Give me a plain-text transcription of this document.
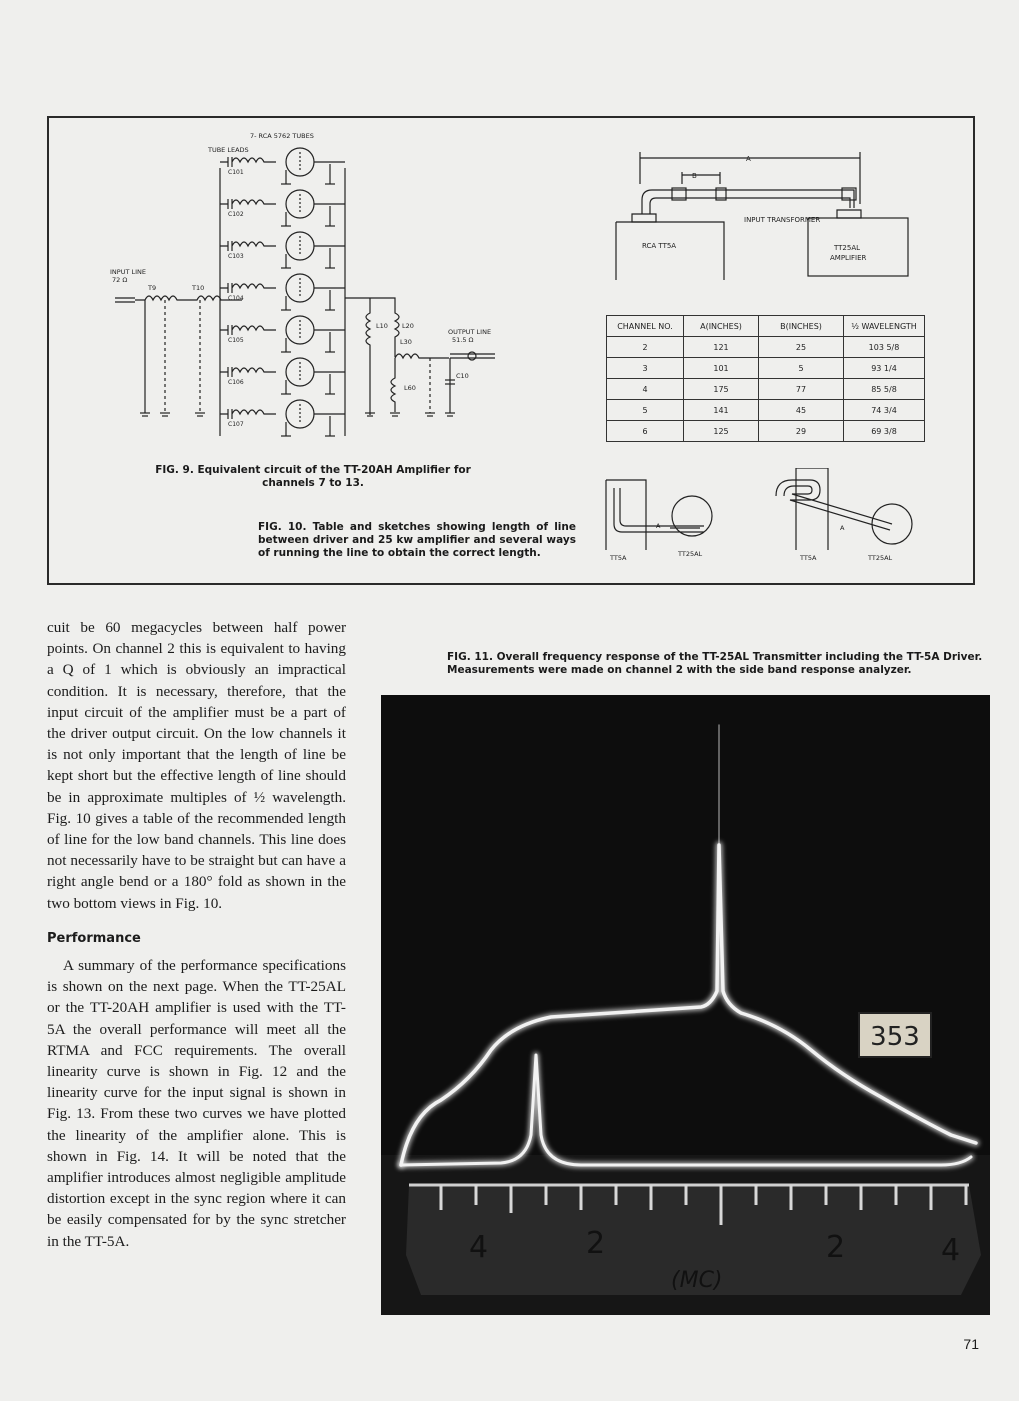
7- RCA 5762 TUBES
TUBE LEADS
INPUT LINE
72 Ω
T9	T10
L10 L20
L30
L60
C10
OUTPUT LINE
51.5 Ω
C101
C102
C103
C104
C105
C106
C107
FIG. 9. Equivalent circuit of the TT-20AH Amplifier for channels 7 to 13.
A
B
INPUT TRANSFORMER
RCA TT5A	TT25AL
AMPLIFIER
CHANNEL NO.	A(INCHES)	B(INCHES)	½ WAVELENGTH
2	121	25	103 5/8
3	101	5	93 1/4
4	175	77	85 5/8
5	141	45	74 3/4
6	125	29	69 3/8
TT5A	TT25AL
A
TT5A	TT25AL
A
FIG. 10. Table and sketches showing length of line between driver and 25 kw amplifier and several ways of running the line to obtain the correct length.

cuit be 60 megacycles between half power points. On channel 2 this is equivalent to having a Q of 1 which is obviously an impractical condition. It is necessary, therefore, that the input circuit of the amplifier must be a part of the driver output circuit. On the low channels it is not only important that the length of line be kept short but the effective length of line should be in approximate multiples of ½ wavelength. Fig. 10 gives a table of the recommended length of line for the low band channels. This line does not necessarily have to be straight but can have a right angle bend or a 180° fold as shown in the two bottom views in Fig. 10.

Performance

A summary of the performance specifications is shown on the next page. When the TT-25AL or the TT-20AH amplifier is used with the TT-5A the overall performance will meet all the RTMA and FCC requirements. The overall linearity curve is shown in Fig. 12 and the linearity curve for the input signal is shown in Fig. 13. From these two curves we have plotted the linearity of the amplifier alone. This is shown in Fig. 14. It will be noted that the amplifier introduces almost negligible amplitude distortion except in the sync region where it can be easily compensated for by the sync stretcher in the TT-5A.

FIG. 11. Overall frequency response of the TT-25AL Transmitter including the TT-5A Driver. Measurements were made on channel 2 with the side band response analyzer.
353
4	2
(MC)
2	4
71
